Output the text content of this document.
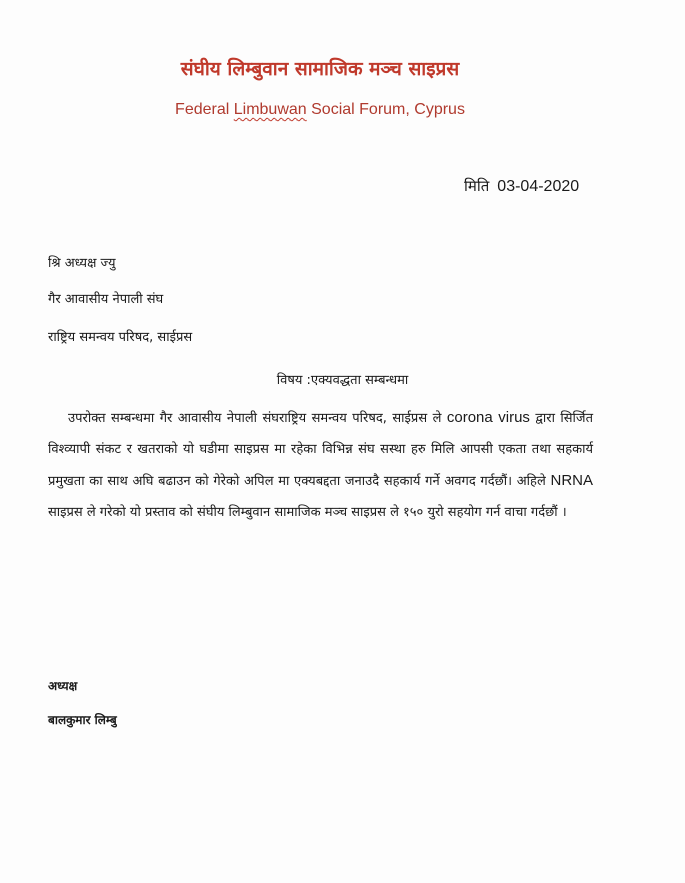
संघीय लिम्बुवान सामाजिक मञ्च साइप्रस
Federal Limbuwan Social Forum, Cyprus
मिति 03-04-2020
श्रि अध्यक्ष ज्यु
गैर आवासीय नेपाली संघ
राष्ट्रिय समन्वय परिषद, साईप्रस
विषय :एक्यवद्धता सम्बन्धमा
उपरोक्त सम्बन्धमा गैर आवासीय नेपाली संघराष्ट्रिय समन्वय परिषद, साईप्रस ले corona virus द्वारा सिर्जित विश्व्यापी संकट र खतराको यो घडीमा साइप्रस मा रहेका विभिन्न संघ सस्था हरु मिलि आपसी एकता तथा सहकार्य प्रमुखता का साथ अघि बढाउन को गेरेको अपिल मा एक्यबद्दता जनाउदै सहकार्य गर्ने अवगद गर्दछौं। अहिले NRNA साइप्रस ले गरेको यो प्रस्ताव को संघीय लिम्बुवान सामाजिक मञ्च साइप्रस ले १५० युरो सहयोग गर्न वाचा गर्दछौं ।
अध्यक्ष
बालकुमार लिम्बु
